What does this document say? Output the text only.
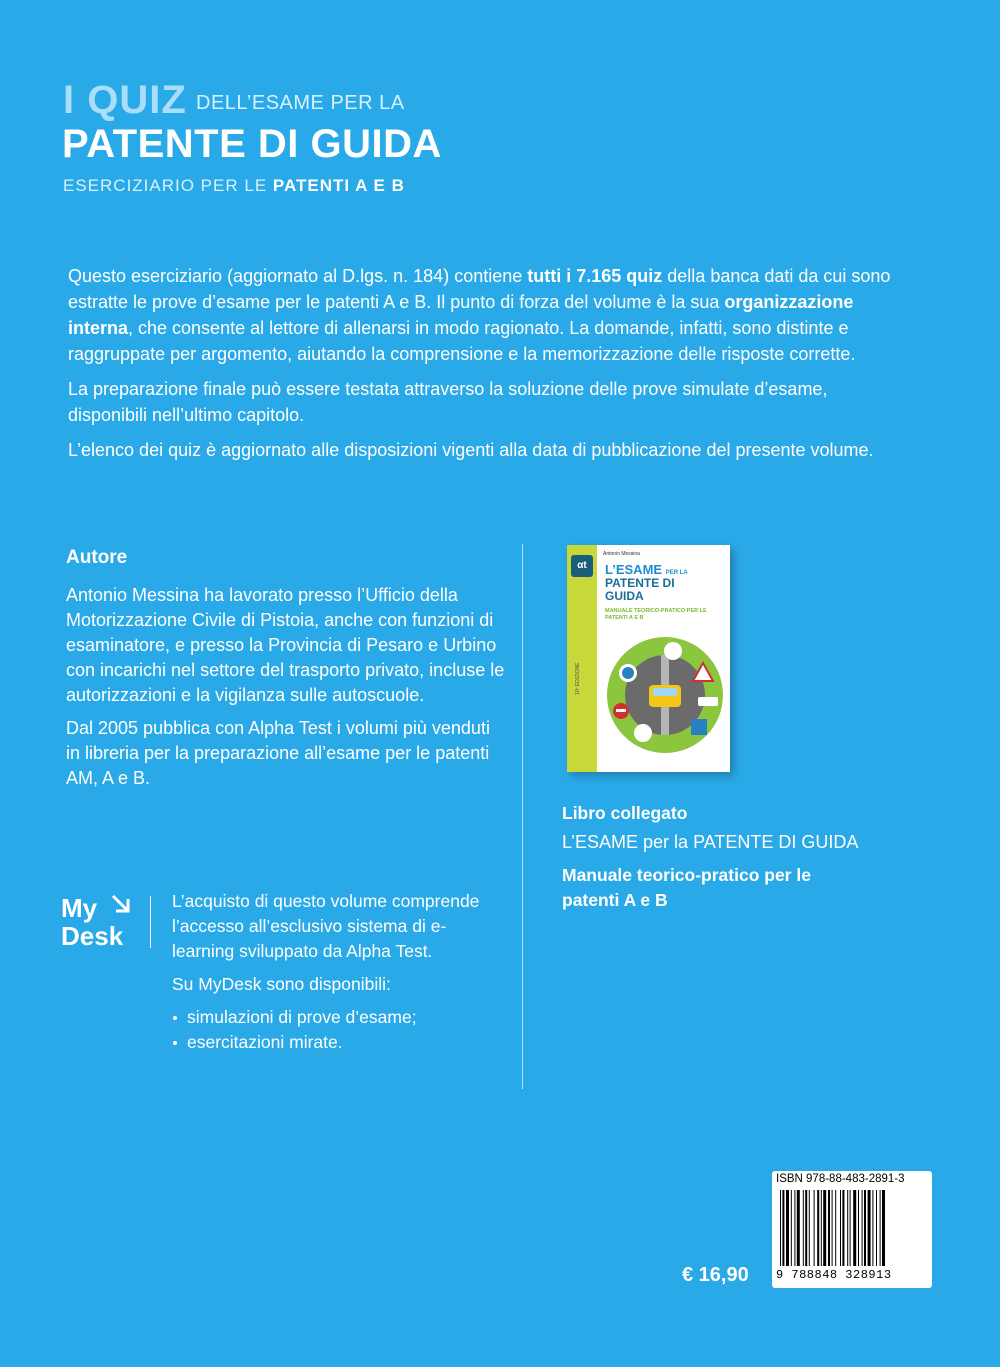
I QUIZ DELL’ESAME PER LA
PATENTE DI GUIDA
ESERCIZIARIO PER LE PATENTI A E B

Questo eserciziario (aggiornato al D.lgs. n. 184) contiene tutti i 7.165 quiz della banca dati da cui sono estratte le prove d’esame per le patenti A e B. Il punto di forza del volume è la sua organizzazione interna, che consente al lettore di allenarsi in modo ragionato. La domande, infatti, sono distinte e raggruppate per argomento, aiutando la comprensione e la memorizzazione delle risposte corrette.

La preparazione finale può essere testata attraverso la soluzione delle prove simulate d’esame, disponibili nell’ultimo capitolo.

L’elenco dei quiz è aggiornato alle disposizioni vigenti alla data di pubblicazione del presente volume.

Autore

Antonio Messina ha lavorato presso l’Ufficio della Motorizzazione Civile di Pistoia, anche con funzioni di esaminatore, e presso la Provincia di Pesaro e Urbino con incarichi nel settore del trasporto privato, incluse le autorizzazioni e la vigilanza sulle autoscuole.

Dal 2005 pubblica con Alpha Test i volumi più venduti in libreria per la preparazione all’esame per le patenti AM, A e B.

My
Desk

L’acquisto di questo volume comprende l’accesso all’esclusivo sistema di e-learning sviluppato da Alpha Test.

Su MyDesk sono disponibili:

simulazioni di prove d’esame;
esercitazioni mirate.
αt
Antonio Messina
L’ESAME PER LA
PATENTE DI GUIDA
MANUALE TEORICO-PRATICO PER LE PATENTI A E B
10ª EDIZIONE
Libro collegato
L’ESAME per la PATENTE DI GUIDA
Manuale teorico-pratico per le patenti A e B
€ 16,90
ISBN 978-88-483-2891-3
9 788848 328913
